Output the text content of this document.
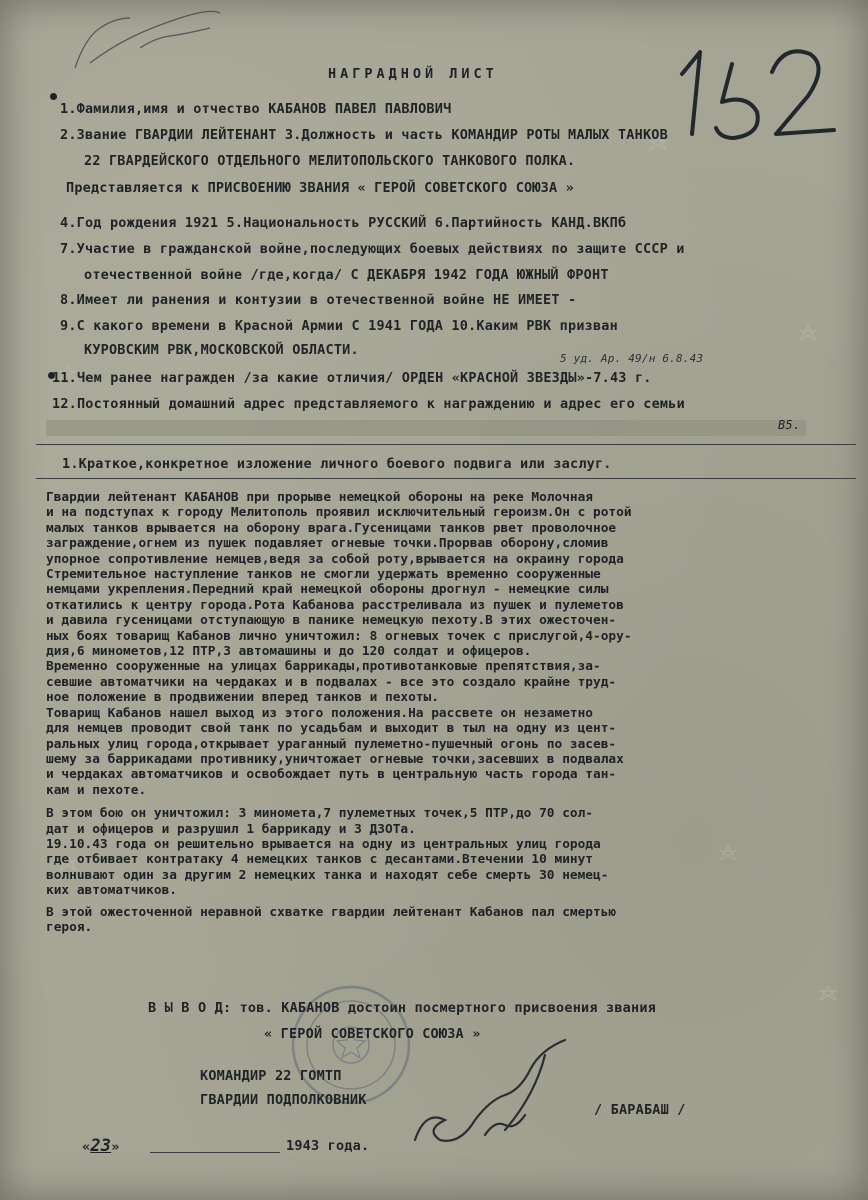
НАГРАДНОЙ ЛИСТ
1.Фамилия,имя и отчество КАБАНОВ ПАВЕЛ ПАВЛОВИЧ
2.Звание ГВАРДИИ ЛЕЙТЕНАНТ 3.Должность и часть КОМАНДИР РОТЫ МАЛЫХ ТАНКОВ
22 ГВАРДЕЙСКОГО ОТДЕЛЬНОГО МЕЛИТОПОЛЬСКОГО ТАНКОВОГО ПОЛКА.
Представляется к ПРИСВОЕНИЮ ЗВАНИЯ « ГЕРОЙ СОВЕТСКОГО СОЮЗА »
4.Год рождения 1921 5.Национальность РУССКИЙ 6.Партийность КАНД.ВКПб
7.Участие в гражданской войне,последующих боевых действиях по защите СССР и
отечественной войне /где,когда/ С ДЕКАБРЯ 1942 ГОДА ЮЖНЫЙ ФРОНТ
8.Имеет ли ранения и контузии в отечественной войне НЕ ИМЕЕТ -
9.С какого времени в Красной Армии С 1941 ГОДА 10.Каким РВК призван
КУРОВСКИМ РВК,МОСКОВСКОЙ ОБЛАСТИ.
5 уд. Ар. 49/н 6.8.43
11.Чем ранее награжден /за какие отличия/ ОРДЕН «КРАСНОЙ ЗВЕЗДЫ»-7.43 г.
12.Постоянный домашний адрес представляемого к награждению и адрес его семьи
В5.
1.Краткое,конкретное изложение личного боевого подвига или заслуг.
Гвардии лейтенант КАБАНОВ при прорыве немецкой обороны на реке Молочная
и на подступах к городу Мелитополь проявил исключительный героизм.Он с ротой
малых танков врывается на оборону врага.Гусеницами танков рвет проволочное
заграждение,огнем из пушек подавляет огневые точки.Прорвав оборону,сломив
упорное сопротивление немцев,ведя за собой роту,врывается на окраину города
Стремительное наступление танков не смогли удержать временно сооруженные
немцами укрепления.Передний край немецкой обороны дрогнул - немецкие силы
откатились к центру города.Рота Кабанова расстреливала из пушек и пулеметов
и давила гусеницами отступающую в панике немецкую пехоту.В этих ожесточен-
ных боях товарищ Кабанов лично уничтожил: 8 огневых точек с прислугой,4-ору-
дия,6 минометов,12 ПТР,3 автомашины и до 120 солдат и офицеров.
Временно сооруженные на улицах баррикады,противотанковые препятствия,за-
севшие автоматчики на чердаках и в подвалах - все это создало крайне труд-
ное положение в продвижении вперед танков и пехоты.
Товарищ Кабанов нашел выход из этого положения.На рассвете он незаметно
для немцев проводит свой танк по усадьбам и выходит в тыл на одну из цент-
ральных улиц города,открывает ураганный пулеметно-пушечный огонь по засев-
шему за баррикадами противнику,уничтожает огневые точки,засевших в подвалах
и чердаках автоматчиков и освобождает путь в центральную часть города тан-
кам и пехоте.
В этом бою он уничтожил: 3 миномета,7 пулеметных точек,5 ПТР,до 70 сол-
дат и офицеров и разрушил 1 баррикаду и 3 ДЗОТа.
19.10.43 года он решительно врывается на одну из центральных улиц города
где отбивает контратаку 4 немецких танков с десантами.Втечении 10 минут
волнuвают один за другим 2 немецких танка и находят себе смерть 30 немец-
ких автоматчиков.
В этой ожесточенной неравной схватке гвардии лейтенант Кабанов пал смертью
героя.
В Ы В О Д: тов. КАБАНОВ достоин посмертного присвоения звания
« ГЕРОЙ СОВЕТСКОГО СОЮЗА »
КОМАНДИР 22 ГОМТП
ГВАРДИИ ПОДПОЛКОВНИК
/ БАРАБАШ /
«23»	1943 года.
